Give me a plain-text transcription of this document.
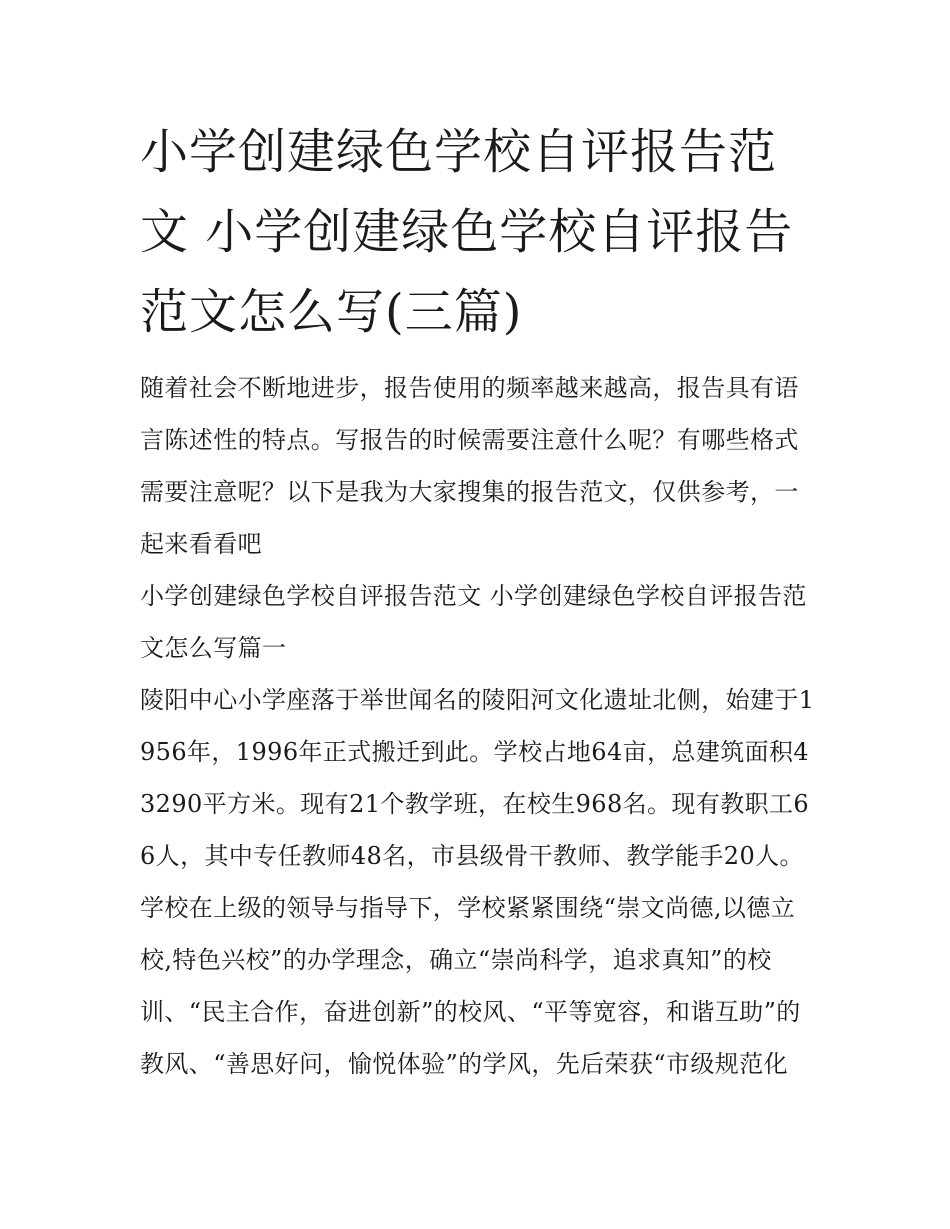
小学创建绿色学校自评报告范文 小学创建绿色学校自评报告范文怎么写(三篇)

随着社会不断地进步，报告使用的频率越来越高，报告具有语言陈述性的特点。写报告的时候需要注意什么呢？有哪些格式需要注意呢？以下是我为大家搜集的报告范文，仅供参考，一起来看看吧

小学创建绿色学校自评报告范文 小学创建绿色学校自评报告范文怎么写篇一

陵阳中心小学座落于举世闻名的陵阳河文化遗址北侧，始建于1956年，1996年正式搬迁到此。学校占地64亩，总建筑面积43290平方米。现有21个教学班，在校生968名。现有教职工66人，其中专任教师48名，市县级骨干教师、教学能手20人。

学校在上级的领导与指导下，学校紧紧围绕“崇文尚德,以德立校,特色兴校”的办学理念，确立“崇尚科学，追求真知”的校训、“民主合作，奋进创新”的校风、“平等宽容，和谐互助”的教风、“善思好问，愉悦体验”的学风，先后荣获“市级规范化
